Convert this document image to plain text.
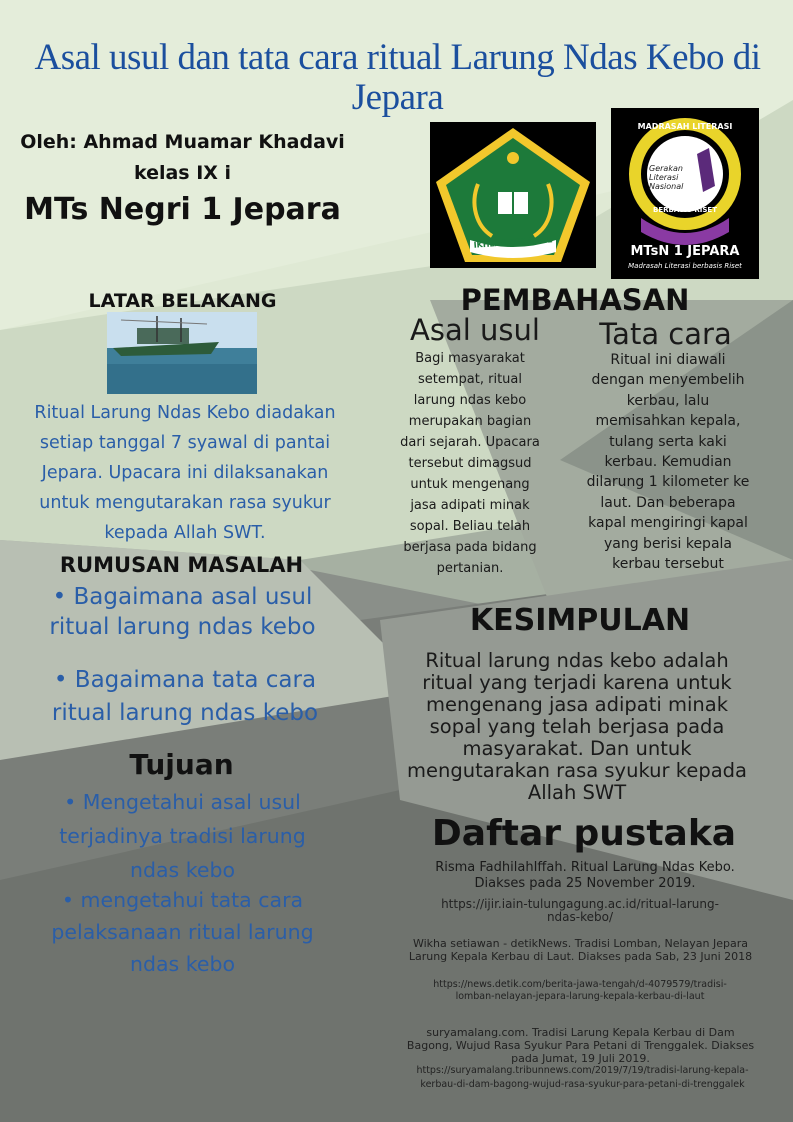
Asal usul dan tata cara ritual Larung Ndas Kebo di Jepara
Oleh: Ahmad Muamar Khadavi
kelas IX i
MTs Negri 1 Jepara
IKHLAS BERAMAL
MADRASAH LITERASI
Gerakan Literasi Nasional
BERBASIS RISET
MTsN 1 JEPARA
Madrasah Literasi berbasis Riset
LATAR BELAKANG
Ritual Larung Ndas Kebo diadakan setiap tanggal 7 syawal di pantai Jepara. Upacara ini dilaksanakan untuk mengutarakan rasa syukur kepada Allah SWT.
RUMUSAN MASALAH
• Bagaimana asal usul ritual larung ndas kebo
• Bagaimana tata cara ritual larung ndas kebo
Tujuan
• Mengetahui asal usul terjadinya tradisi larung ndas kebo
• mengetahui tata cara pelaksanaan ritual larung ndas kebo
PEMBAHASAN
Asal usul
Bagi masyarakat setempat, ritual larung ndas kebo merupakan bagian dari sejarah. Upacara tersebut dimagsud untuk mengenang jasa adipati minak sopal. Beliau telah berjasa pada bidang pertanian.
Tata cara
Ritual ini diawali dengan menyembelih kerbau, lalu memisahkan kepala, tulang serta kaki kerbau. Kemudian dilarung 1 kilometer ke laut. Dan beberapa kapal mengiringi kapal yang berisi kepala kerbau tersebut
KESIMPULAN
Ritual larung ndas kebo adalah ritual yang terjadi karena untuk mengenang jasa adipati minak sopal yang telah berjasa pada masyarakat. Dan untuk mengutarakan rasa syukur kepada Allah SWT
Daftar pustaka
Risma FadhilahIffah. Ritual Larung Ndas Kebo. Diakses pada 25 November 2019.
https://ijir.iain-tulungagung.ac.id/ritual-larung-ndas-kebo/
Wikha setiawan - detikNews. Tradisi Lomban, Nelayan Jepara Larung Kepala Kerbau di Laut. Diakses pada Sab, 23 Juni 2018
https://news.detik.com/berita-jawa-tengah/d-4079579/tradisi-lomban-nelayan-jepara-larung-kepala-kerbau-di-laut
suryamalang.com. Tradisi Larung Kepala Kerbau di Dam Bagong, Wujud Rasa Syukur Para Petani di Trenggalek. Diakses pada Jumat, 19 Juli 2019.
https://suryamalang.tribunnews.com/2019/7/19/tradisi-larung-kepala-kerbau-di-dam-bagong-wujud-rasa-syukur-para-petani-di-trenggalek
